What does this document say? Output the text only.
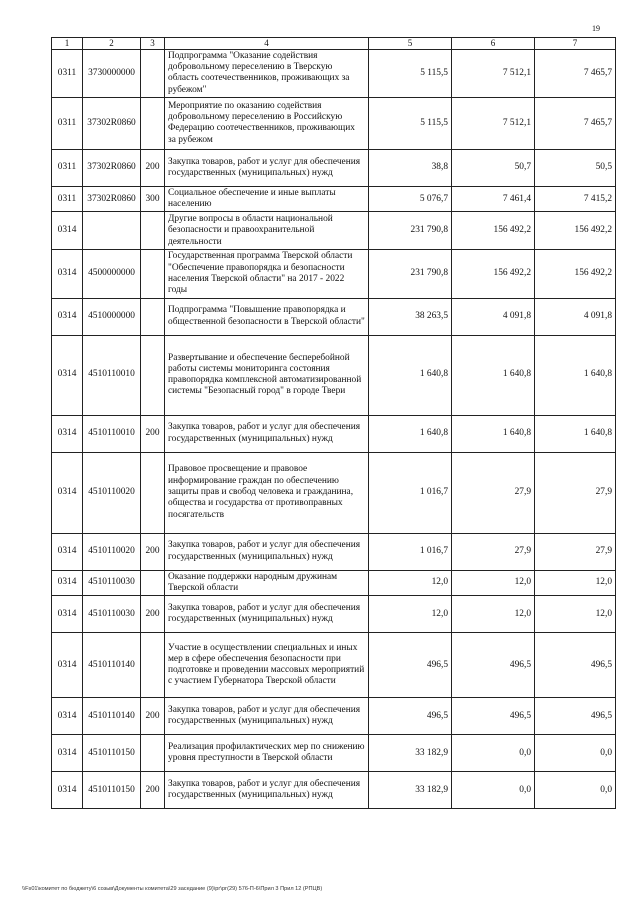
19
1	2	3	4	5	6	7
0311	3730000000		Подпрограмма "Оказание содействия добровольному переселению в Тверскую область соотечественников, проживающих за рубежом"	5 115,5	7 512,1	7 465,7
0311	37302R0860		Мероприятие по оказанию содействия добровольному переселению в Российскую Федерацию соотечественников, проживающих за рубежом	5 115,5	7 512,1	7 465,7
0311	37302R0860	200	Закупка товаров, работ и услуг для обеспечения государственных (муниципальных) нужд	38,8	50,7	50,5
0311	37302R0860	300	Социальное обеспечение и иные выплаты населению	5 076,7	7 461,4	7 415,2
0314			Другие вопросы в области национальной безопасности и правоохранительной деятельности	231 790,8	156 492,2	156 492,2
0314	4500000000		Государственная программа Тверской области "Обеспечение правопорядка и безопасности населения Тверской области" на 2017 - 2022 годы	231 790,8	156 492,2	156 492,2
0314	4510000000		Подпрограмма "Повышение правопорядка и общественной безопасности в Тверской области"	38 263,5	4 091,8	4 091,8
0314	4510110010		Развертывание и обеспечение бесперебойной работы системы мониторинга состояния правопорядка комплексной автоматизированной системы "Безопасный город" в городе Твери	1 640,8	1 640,8	1 640,8
0314	4510110010	200	Закупка товаров, работ и услуг для обеспечения государственных (муниципальных) нужд	1 640,8	1 640,8	1 640,8
0314	4510110020		Правовое просвещение и правовое информирование граждан по обеспечению защиты прав и свобод человека и гражданина, общества и государства от противоправных посягательств	1 016,7	27,9	27,9
0314	4510110020	200	Закупка товаров, работ и услуг для обеспечения государственных (муниципальных) нужд	1 016,7	27,9	27,9
0314	4510110030		Оказание поддержки народным дружинам Тверской области	12,0	12,0	12,0
0314	4510110030	200	Закупка товаров, работ и услуг для обеспечения государственных (муниципальных) нужд	12,0	12,0	12,0
0314	4510110140		Участие в осуществлении специальных и иных мер в сфере обеспечения безопасности при подготовке и проведении массовых мероприятий с участием Губернатора Тверской области	496,5	496,5	496,5
0314	4510110140	200	Закупка товаров, работ и услуг для обеспечения государственных (муниципальных) нужд	496,5	496,5	496,5
0314	4510110150		Реализация профилактических мер по снижению уровня преступности в Тверской области	33 182,9	0,0	0,0
0314	4510110150	200	Закупка товаров, работ и услуг для обеспечения государственных (муниципальных) нужд	33 182,9	0,0	0,0
\\Fs01\комитет по бюджету\6 созыв\Документы комитета\29 заседание (9)\рг\рг(29) 576-П-6\Прил 3 Прил 12 (РПЦВ)
